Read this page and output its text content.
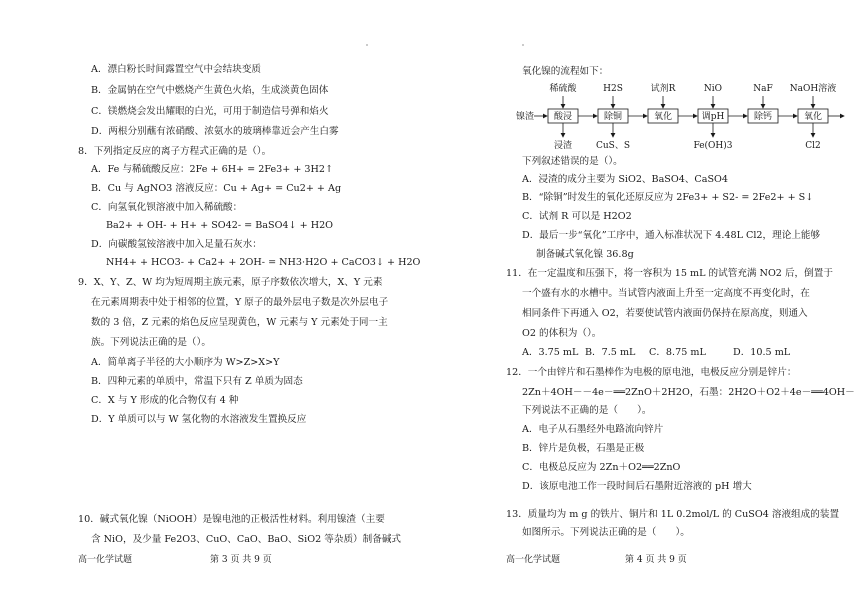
A．漂白粉长时间露置空气中会结块变质
B．金属钠在空气中燃烧产生黄色火焰，生成淡黄色固体
C．镁燃烧会发出耀眼的白光，可用于制造信号弹和焰火
D．两根分别蘸有浓硝酸、浓氨水的玻璃棒靠近会产生白雾
8．下列指定反应的离子方程式正确的是（）。
A．Fe 与稀硫酸反应：2Fe + 6H+ = 2Fe3+ + 3H2↑
B．Cu 与 AgNO3 溶液反应：Cu + Ag+ = Cu2+ + Ag
C．向氢氧化钡溶液中加入稀硫酸：
Ba2+ + OH- + H+ + SO42- = BaSO4↓ + H2O
D．向碳酸氢铵溶液中加入足量石灰水：
NH4+ + HCO3- + Ca2+ + 2OH- = NH3·H2O + CaCO3↓ + H2O
9．X、Y、Z、W 均为短周期主族元素，原子序数依次增大，X、Y 元素
在元素周期表中处于相邻的位置，Y 原子的最外层电子数是次外层电子
数的 3 倍，Z 元素的焰色反应呈现黄色，W 元素与 Y 元素处于同一主
族。下列说法正确的是（）。
A．简单离子半径的大小顺序为 W>Z>X>Y
B．四种元素的单质中，常温下只有 Z 单质为固态
C．X 与 Y 形成的化合物仅有 4 种
D．Y 单质可以与 W 氢化物的水溶液发生置换反应
10．碱式氧化镍（NiOOH）是镍电池的正极活性材料。利用镍渣（主要
含 NiO，及少量 Fe2O3、CuO、CaO、BaO、SiO2 等杂质）制备碱式
高一化学试题	第 3 页 共 9 页
氧化镍的流程如下：
镍渣 酸浸
稀硫酸
浸渣
除铜
H2S
CuS、S
氧化
试剂R
调pH
NiO
Fe(OH)3
除钙
NaF
氧化
NaOH溶液
Cl2
下列叙述错误的是（）。
A．浸渣的成分主要为 SiO2、BaSO4、CaSO4
B．“除铜”时发生的氧化还原反应为 2Fe3+ + S2- = 2Fe2+ + S↓
C．试剂 R 可以是 H2O2
D．最后一步“氧化”工序中，通入标准状况下 4.48L Cl2，理论上能够
制备碱式氧化镍 36.8g
11．在一定温度和压强下，将一容积为 15 mL 的试管充满 NO2 后，倒置于
一个盛有水的水槽中。当试管内液面上升至一定高度不再变化时，在
相同条件下再通入 O2，若要使试管内液面仍保持在原高度，则通入
O2 的体积为（）。
A．3.75 mL B．7.5 mL C．8.75 mL	D．10.5 mL
12．一个由锌片和石墨棒作为电极的原电池，电极反应分别是锌片：
2Zn＋4OH－－4e－══2ZnO＋2H2O，石墨：2H2O＋O2＋4e－══4OH－
下列说法不正确的是（　　）。
A．电子从石墨经外电路流向锌片
B．锌片是负极，石墨是正极
C．电极总反应为 2Zn＋O2══2ZnO
D．该原电池工作一段时间后石墨附近溶液的 pH 增大
13．质量均为 m g 的铁片、铜片和 1L 0.2mol/L 的 CuSO4 溶液组成的装置
如图所示。下列说法正确的是（　　）。
高一化学试题	第 4 页 共 9 页
